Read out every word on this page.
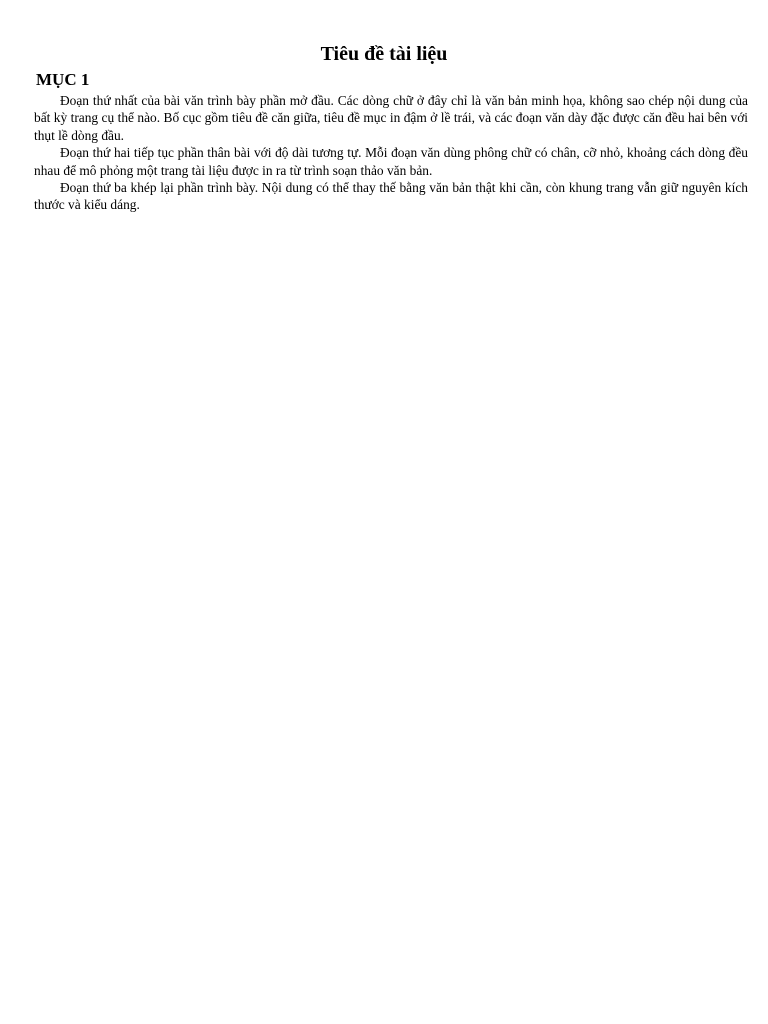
Tiêu đề tài liệu
MỤC 1

Đoạn thứ nhất của bài văn trình bày phần mở đầu. Các dòng chữ ở đây chỉ là văn bản minh họa, không sao chép nội dung của bất kỳ trang cụ thể nào. Bố cục gồm tiêu đề căn giữa, tiêu đề mục in đậm ở lề trái, và các đoạn văn dày đặc được căn đều hai bên với thụt lề dòng đầu.

Đoạn thứ hai tiếp tục phần thân bài với độ dài tương tự. Mỗi đoạn văn dùng phông chữ có chân, cỡ nhỏ, khoảng cách dòng đều nhau để mô phỏng một trang tài liệu được in ra từ trình soạn thảo văn bản.

Đoạn thứ ba khép lại phần trình bày. Nội dung có thể thay thế bằng văn bản thật khi cần, còn khung trang vẫn giữ nguyên kích thước và kiểu dáng.
